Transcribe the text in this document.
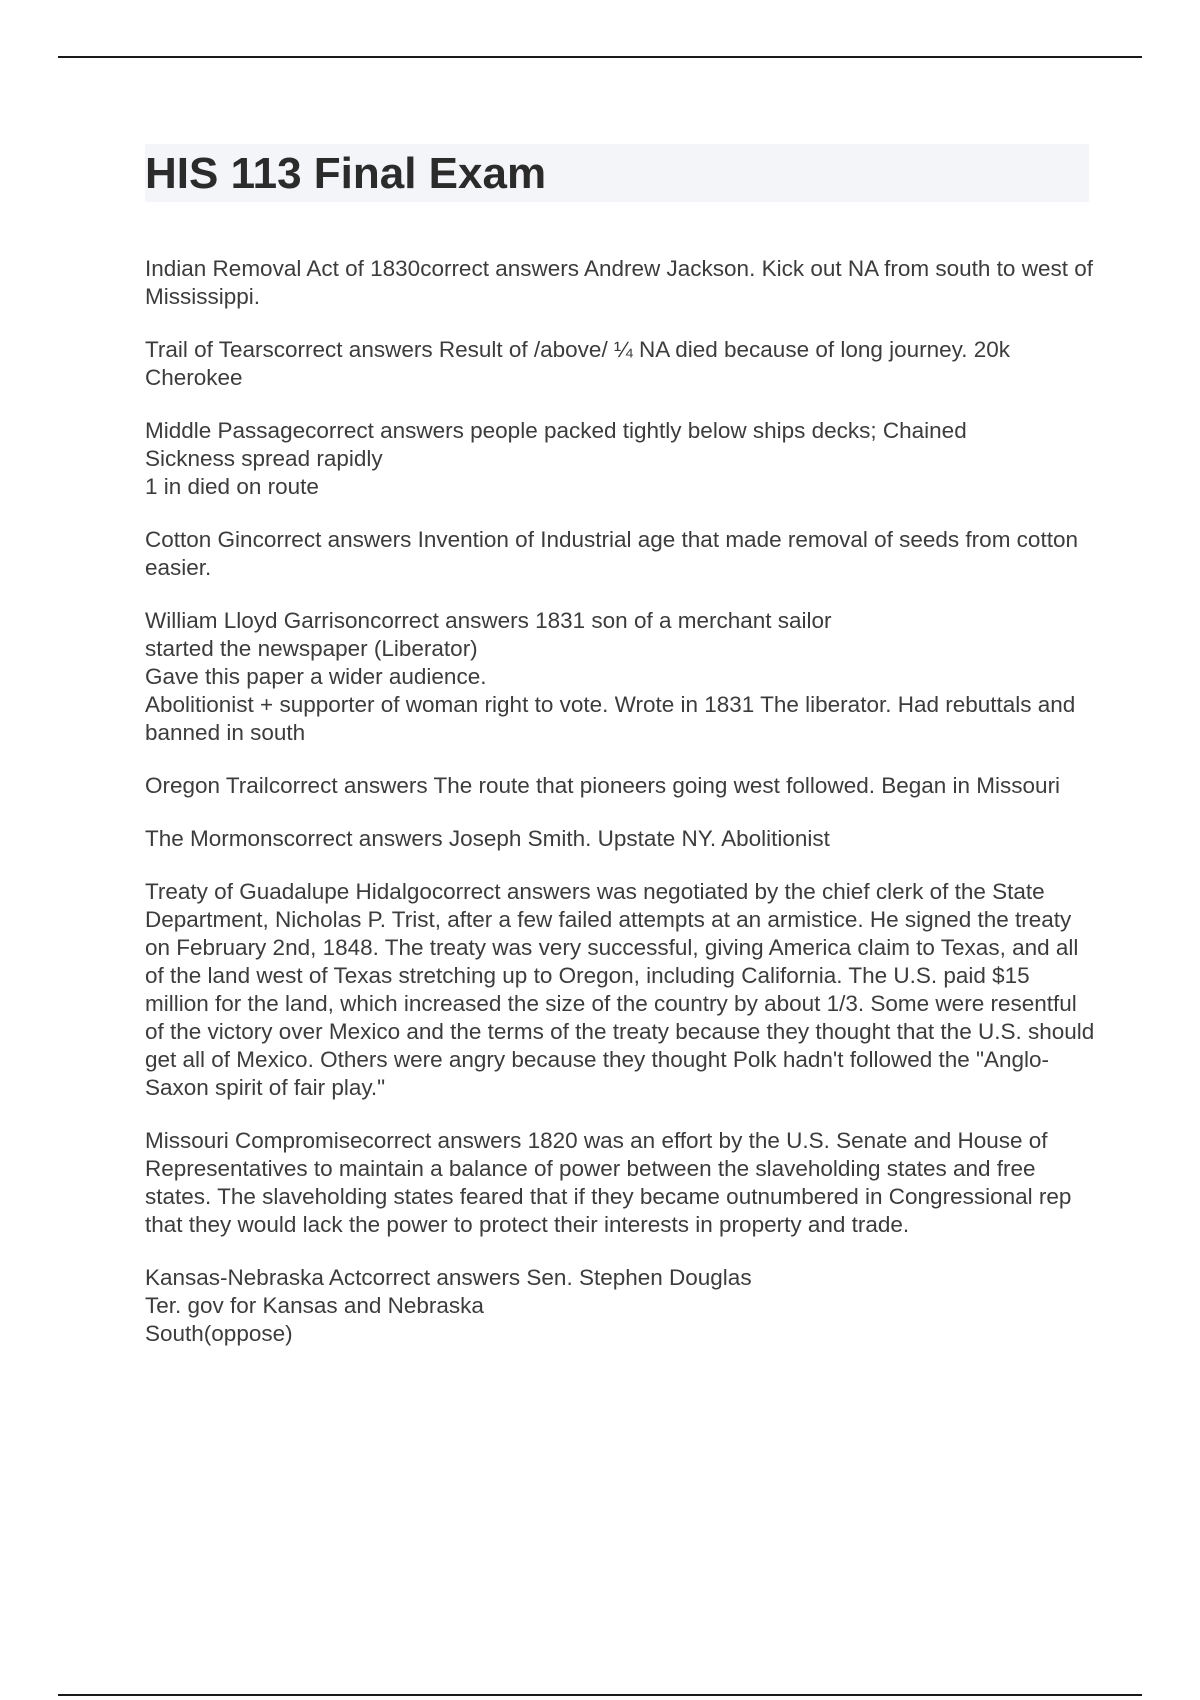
HIS 113 Final Exam

Indian Removal Act of 1830correct answers Andrew Jackson. Kick out NA from south to west of Mississippi.

Trail of Tearscorrect answers Result of /above/ ¼ NA died because of long journey. 20k Cherokee

Middle Passagecorrect answers people packed tightly below ships decks; Chained
Sickness spread rapidly
1 in died on route

Cotton Gincorrect answers Invention of Industrial age that made removal of seeds from cotton easier.

William Lloyd Garrisoncorrect answers 1831 son of a merchant sailor
started the newspaper (Liberator)
Gave this paper a wider audience.
Abolitionist + supporter of woman right to vote. Wrote in 1831 The liberator. Had rebuttals and banned in south

Oregon Trailcorrect answers The route that pioneers going west followed. Began in Missouri

The Mormonscorrect answers Joseph Smith. Upstate NY. Abolitionist

Treaty of Guadalupe Hidalgocorrect answers was negotiated by the chief clerk of the State Department, Nicholas P. Trist, after a few failed attempts at an armistice. He signed the treaty on February 2nd, 1848. The treaty was very successful, giving America claim to Texas, and all of the land west of Texas stretching up to Oregon, including California. The U.S. paid $15 million for the land, which increased the size of the country by about 1/3. Some were resentful of the victory over Mexico and the terms of the treaty because they thought that the U.S. should get all of Mexico. Others were angry because they thought Polk hadn't followed the "Anglo-Saxon spirit of fair play."

Missouri Compromisecorrect answers 1820 was an effort by the U.S. Senate and House of Representatives to maintain a balance of power between the slaveholding states and free states. The slaveholding states feared that if they became outnumbered in Congressional rep that they would lack the power to protect their interests in property and trade.

Kansas-Nebraska Actcorrect answers Sen. Stephen Douglas
Ter. gov for Kansas and Nebraska
South(oppose)
